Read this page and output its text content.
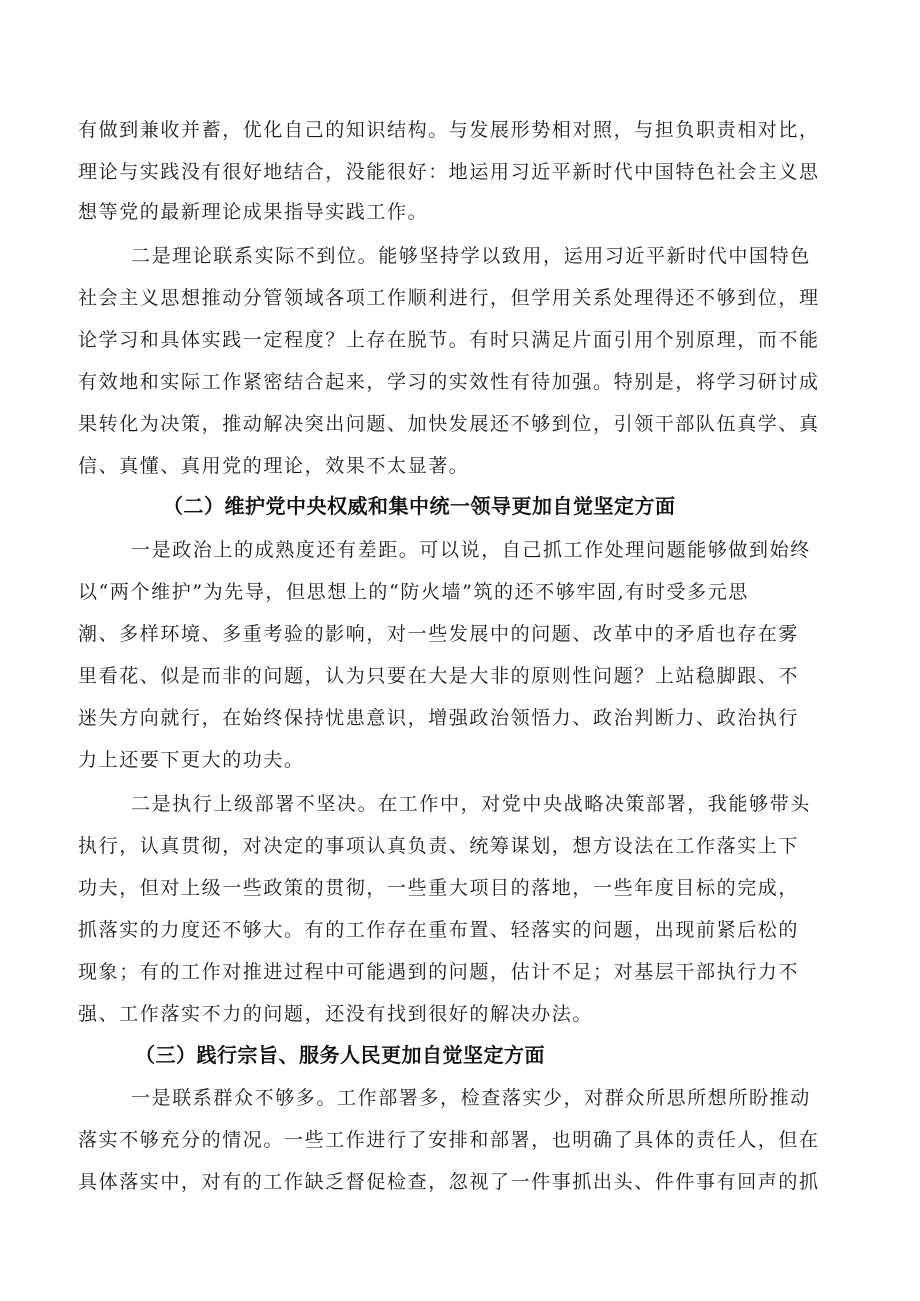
有做到兼收并蓄，优化自己的知识结构。与发展形势相对照，与担负职责相对比，
理论与实践没有很好地结合，没能很好：地运用习近平新时代中国特色社会主义思
想等党的最新理论成果指导实践工作。
二是理论联系实际不到位。能够坚持学以致用，运用习近平新时代中国特色
社会主义思想推动分管领域各项工作顺利进行，但学用关系处理得还不够到位，理
论学习和具体实践一定程度？上存在脱节。有时只满足片面引用个别原理，而不能
有效地和实际工作紧密结合起来，学习的实效性有待加强。特别是，将学习研讨成
果转化为决策，推动解决突出问题、加快发展还不够到位，引领干部队伍真学、真
信、真懂、真用党的理论，效果不太显著。
（二）维护党中央权威和集中统一领导更加自觉坚定方面
一是政治上的成熟度还有差距。可以说，自己抓工作处理问题能够做到始终
以“两个维护”为先导，但思想上的“防火墙”筑的还不够牢固,有时受多元思
潮、多样环境、多重考验的影响，对一些发展中的问题、改革中的矛盾也存在雾
里看花、似是而非的问题，认为只要在大是大非的原则性问题？上站稳脚跟、不
迷失方向就行，在始终保持忧患意识，增强政治领悟力、政治判断力、政治执行
力上还要下更大的功夫。
二是执行上级部署不坚决。在工作中，对党中央战略决策部署，我能够带头
执行，认真贯彻，对决定的事项认真负责、统筹谋划，想方设法在工作落实上下
功夫，但对上级一些政策的贯彻，一些重大项目的落地，一些年度目标的完成，
抓落实的力度还不够大。有的工作存在重布置、轻落实的问题，出现前紧后松的
现象；有的工作对推进过程中可能遇到的问题，估计不足；对基层干部执行力不
强、工作落实不力的问题，还没有找到很好的解决办法。
（三）践行宗旨、服务人民更加自觉坚定方面
一是联系群众不够多。工作部署多，检查落实少，对群众所思所想所盼推动
落实不够充分的情况。一些工作进行了安排和部署，也明确了具体的责任人，但在
具体落实中，对有的工作缺乏督促检查，忽视了一件事抓出头、件件事有回声的抓
